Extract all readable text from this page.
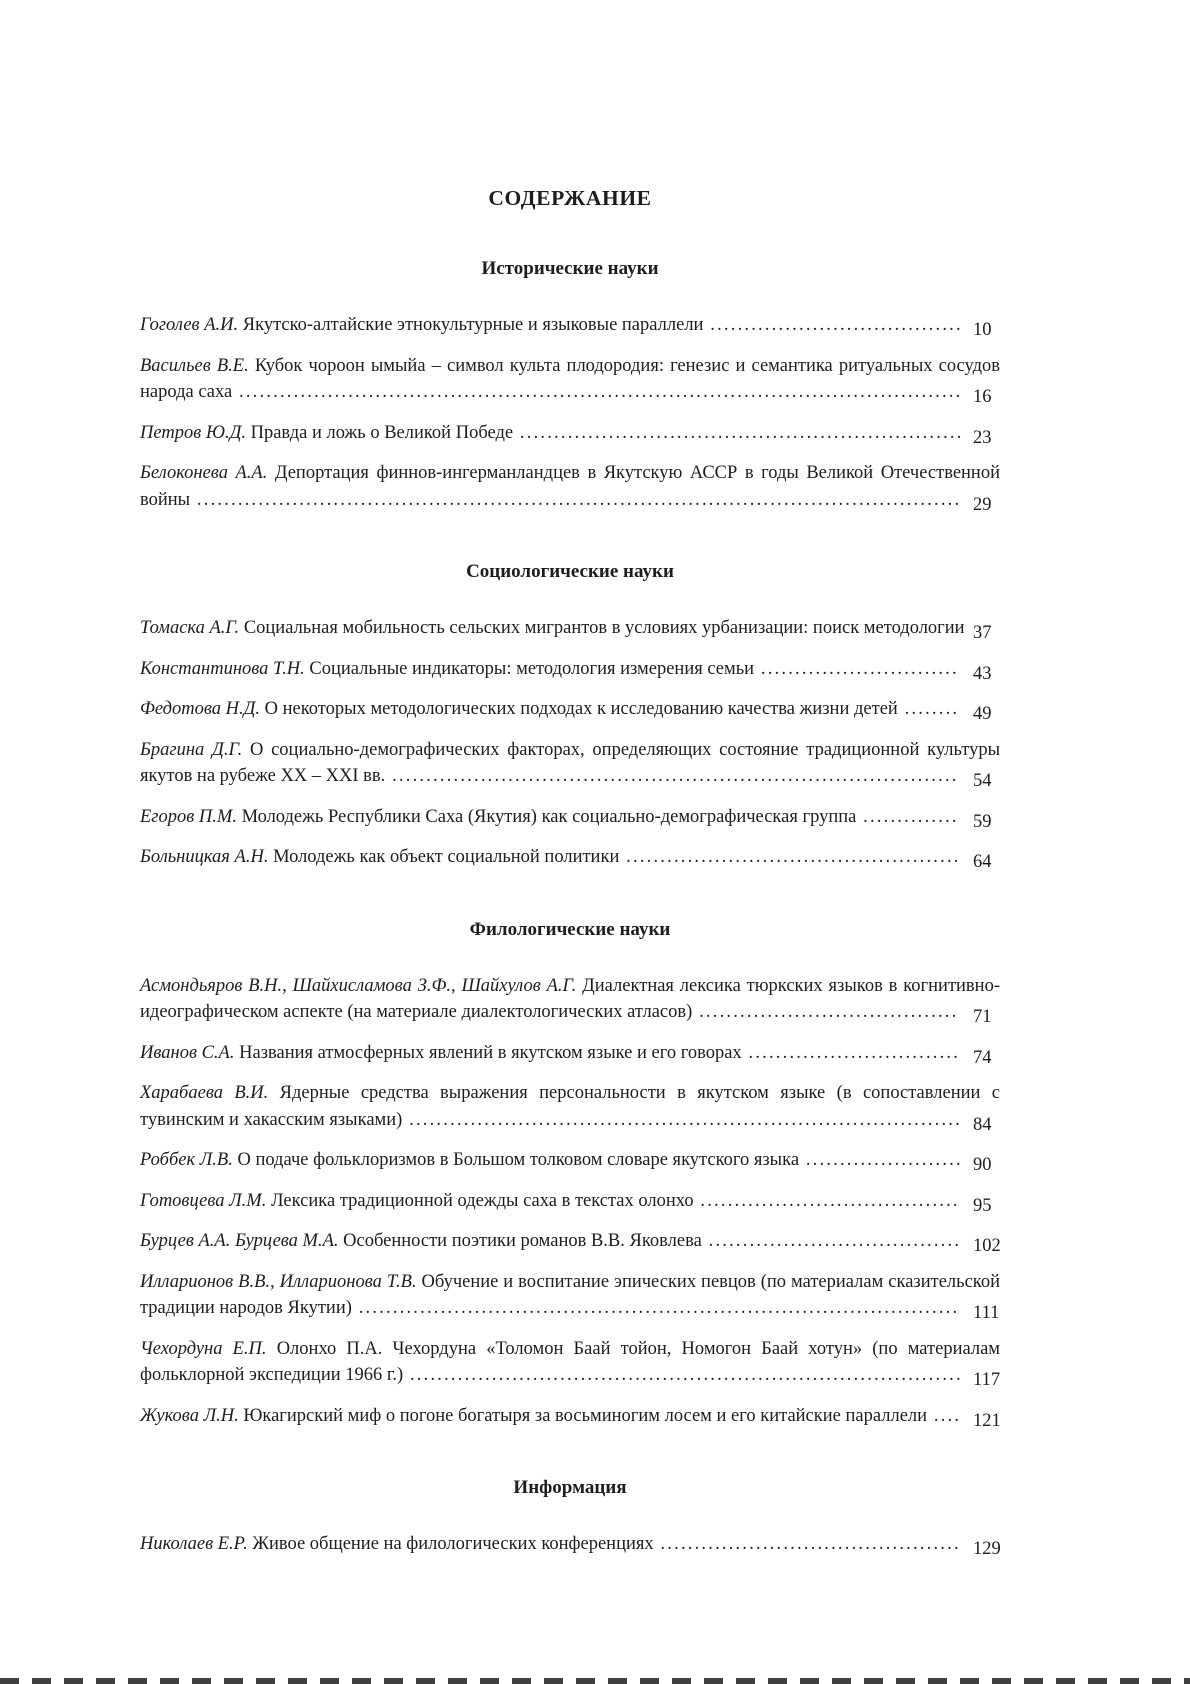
СОДЕРЖАНИЕ
Исторические науки
Гоголев А.И. Якутско-алтайские этнокультурные и языковые параллели ..................................... 10
Васильев В.Е. Кубок чороон ымыйа – символ культа плодородия: генезис и семантика ритуальных сосудов народа саха .......................................................................................................... 16
Петров Ю.Д. Правда и ложь о Великой Победе ................................................................. 23
Белоконева А.А. Депортация финнов-ингерманландцев в Якутскую АССР в годы Великой Отечественной войны ................................................................................................................ 29
Социологические науки
Томаска А.Г. Социальная мобильность сельских мигрантов в условиях урбанизации: поиск методологии 37
Константинова Т.Н. Социальные индикаторы: методология измерения семьи ............................. 43
Федотова Н.Д. О некоторых методологических подходах к исследованию качества жизни детей ........ 49
Брагина Д.Г. О социально-демографических факторах, определяющих состояние традиционной культуры якутов на рубеже XX – XXI вв. ................................................................................... 54
Егоров П.М. Молодежь Республики Саха (Якутия) как социально-демографическая группа .............. 59
Больницкая А.Н. Молодежь как объект социальной политики ................................................. 64
Филологические науки
Асмондьяров В.Н., Шайхисламова З.Ф., Шайхулов А.Г. Диалектная лексика тюркских языков в когнитивно-идеографическом аспекте (на материале диалектологических атласов) ...................................... 71
Иванов С.А. Названия атмосферных явлений в якутском языке и его говорах ............................... 74
Харабаева В.И. Ядерные средства выражения персональности в якутском языке (в сопоставлении с тувинским и хакасским языками) ................................................................................. 84
Роббек Л.В. О подаче фольклоризмов в Большом толковом словаре якутского языка ....................... 90
Готовцева Л.М. Лексика традиционной одежды саха в текстах олонхо ...................................... 95
Бурцев А.А. Бурцева М.А. Особенности поэтики романов В.В. Яковлева ..................................... 102
Илларионов В.В., Илларионова Т.В. Обучение и воспитание эпических певцов (по материалам сказительской традиции народов Якутии) ........................................................................................ 111
Чехордуна Е.П. Олонхо П.А. Чехордуна «Толомон Баай тойон, Номогон Баай хотун» (по материалам фольклорной экспедиции 1966 г.) ................................................................................. 117
Жукова Л.Н. Юкагирский миф о погоне богатыря за восьминогим лосем и его китайские параллели .... 121
Информация
Николаев Е.Р. Живое общение на филологических конференциях ............................................ 129
